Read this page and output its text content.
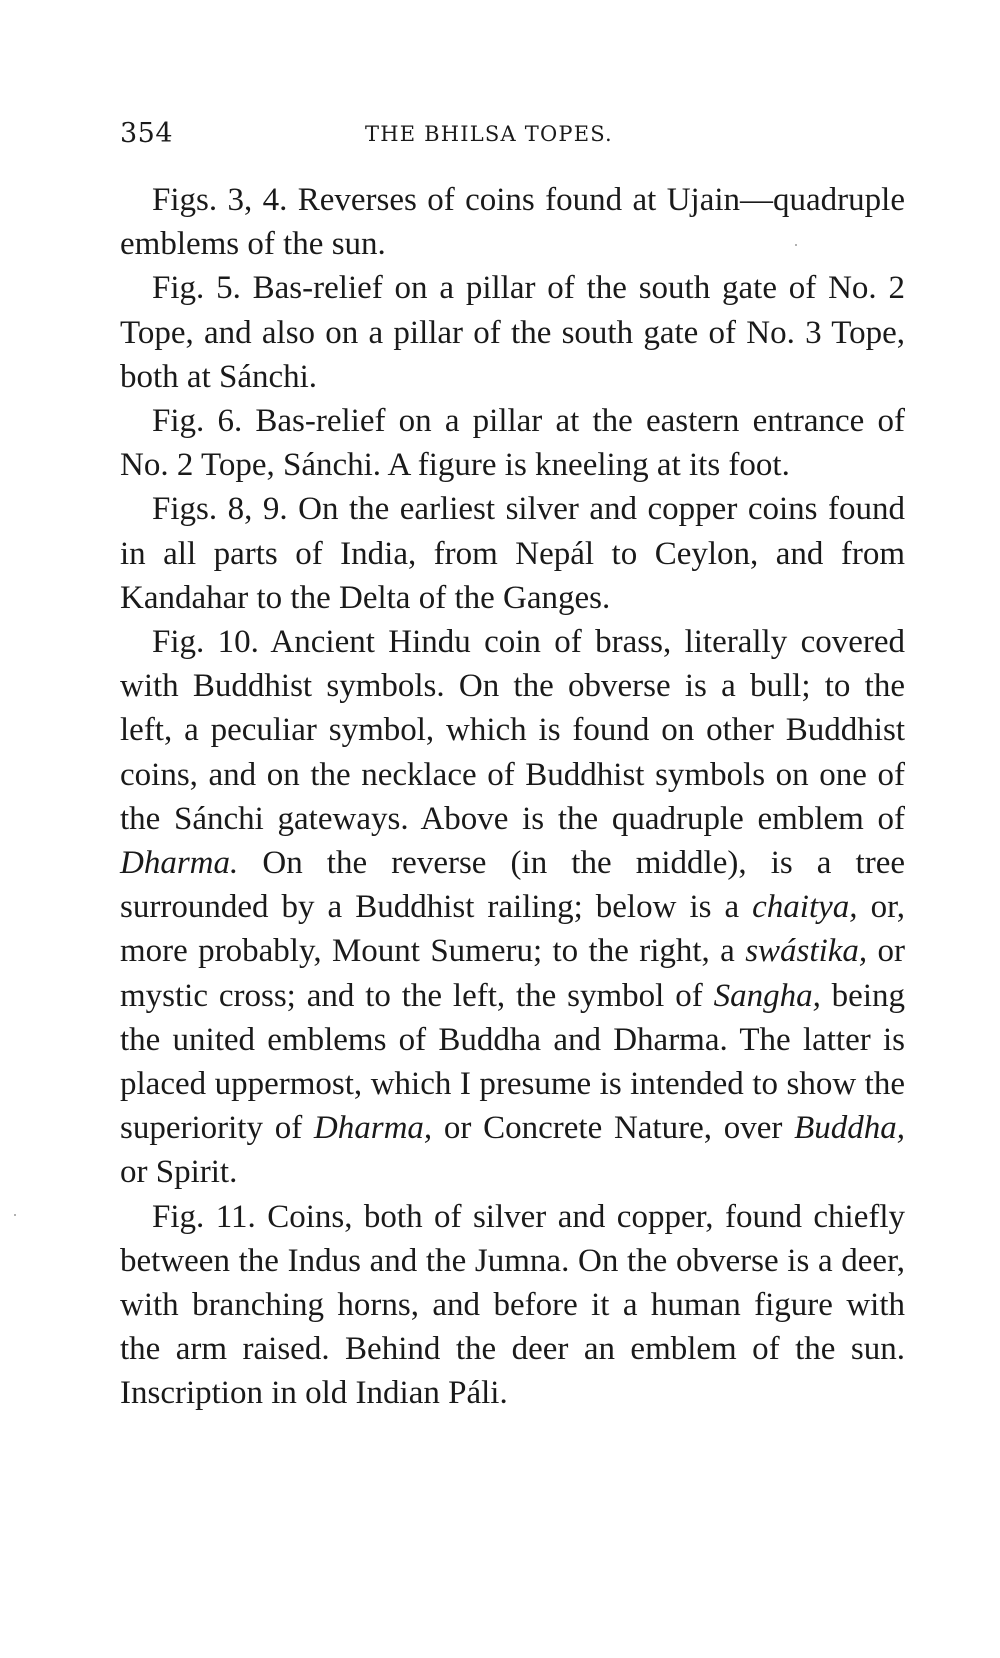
354	THE BHILSA TOPES.

Figs. 3, 4. Reverses of coins found at Ujain—quadruple emblems of the sun.

Fig. 5. Bas-relief on a pillar of the south gate of No. 2 Tope, and also on a pillar of the south gate of No. 3 Tope, both at Sánchi.

Fig. 6. Bas-relief on a pillar at the eastern entrance of No. 2 Tope, Sánchi. A figure is kneeling at its foot.

Figs. 8, 9. On the earliest silver and copper coins found in all parts of India, from Nepál to Ceylon, and from Kandahar to the Delta of the Ganges.

Fig. 10. Ancient Hindu coin of brass, literally covered with Buddhist symbols. On the obverse is a bull; to the left, a peculiar symbol, which is found on other Buddhist coins, and on the necklace of Buddhist symbols on one of the Sánchi gateways. Above is the quadruple emblem of Dharma. On the reverse (in the middle), is a tree surrounded by a Buddhist railing; below is a chaitya, or, more probably, Mount Sumeru; to the right, a swástika, or mystic cross; and to the left, the symbol of Sangha, being the united emblems of Buddha and Dharma. The latter is placed uppermost, which I presume is intended to show the superiority of Dharma, or Concrete Nature, over Buddha, or Spirit.

Fig. 11. Coins, both of silver and copper, found chiefly between the Indus and the Jumna. On the obverse is a deer, with branching horns, and before it a human figure with the arm raised. Behind the deer an emblem of the sun. Inscription in old Indian Páli.
